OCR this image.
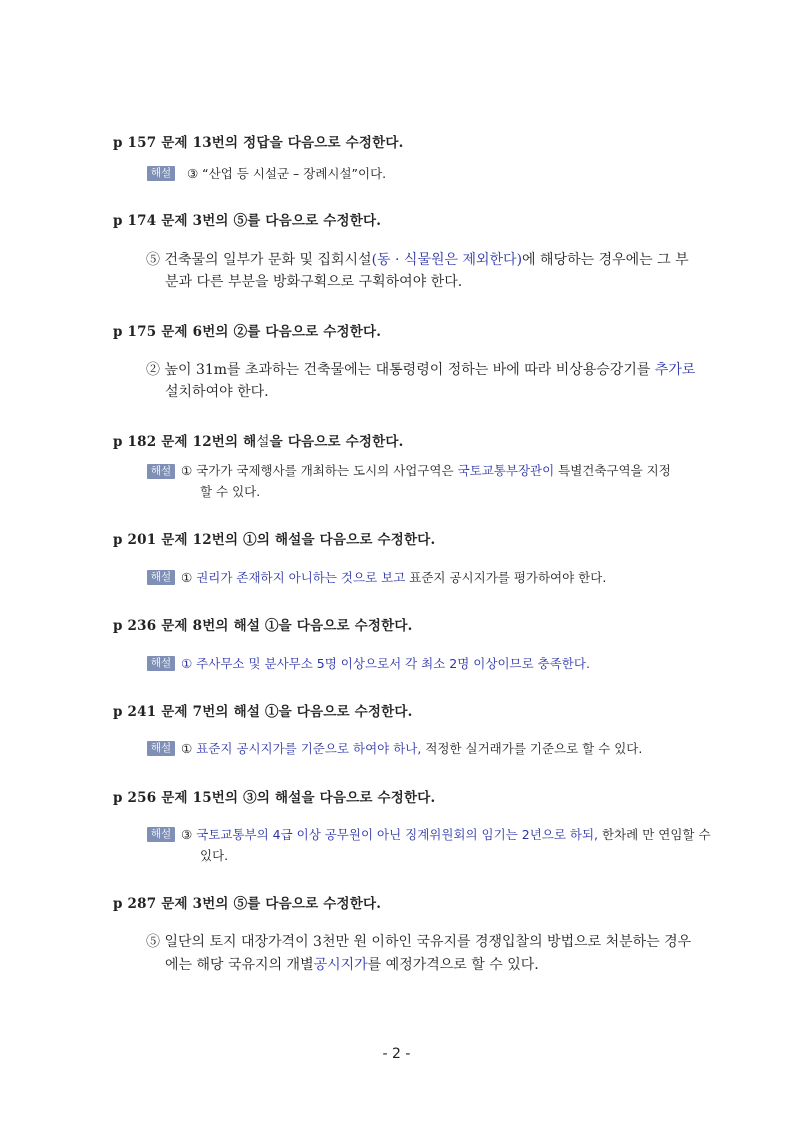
p 157 문제 13번의 정답을 다음으로 수정한다.
해설	③ “산업 등 시설군 – 장례시설”이다.
p 174 문제 3번의 ⑤를 다음으로 수정한다.
⑤ 건축물의 일부가 문화 및 집회시설(동 · 식물원은 제외한다)에 해당하는 경우에는 그 부
분과 다른 부분을 방화구획으로 구획하여야 한다.
p 175 문제 6번의 ②를 다음으로 수정한다.
② 높이 31m를 초과하는 건축물에는 대통령령이 정하는 바에 따라 비상용승강기를 추가로
설치하여야 한다.
p 182 문제 12번의 해설을 다음으로 수정한다.
해설 ① 국가가 국제행사를 개최하는 도시의 사업구역은 국토교통부장관이 특별건축구역을 지정
할 수 있다.
p 201 문제 12번의 ①의 해설을 다음으로 수정한다.
해설 ① 권리가 존재하지 아니하는 것으로 보고 표준지 공시지가를 평가하여야 한다.
p 236 문제 8번의 해설 ①을 다음으로 수정한다.
해설 ① 주사무소 및 분사무소 5명 이상으로서 각 최소 2명 이상이므로 충족한다.
p 241 문제 7번의 해설 ①을 다음으로 수정한다.
해설 ① 표준지 공시지가를 기준으로 하여야 하나, 적정한 실거래가를 기준으로 할 수 있다.
p 256 문제 15번의 ③의 해설을 다음으로 수정한다.
해설 ③ 국토교통부의 4급 이상 공무원이 아닌 징계위원회의 임기는 2년으로 하되, 한차례 만 연임할 수
있다.
p 287 문제 3번의 ⑤를 다음으로 수정한다.
⑤ 일단의 토지 대장가격이 3천만 원 이하인 국유지를 경쟁입찰의 방법으로 처분하는 경우
에는 해당 국유지의 개별공시지가를 예정가격으로 할 수 있다.
- 2 -
